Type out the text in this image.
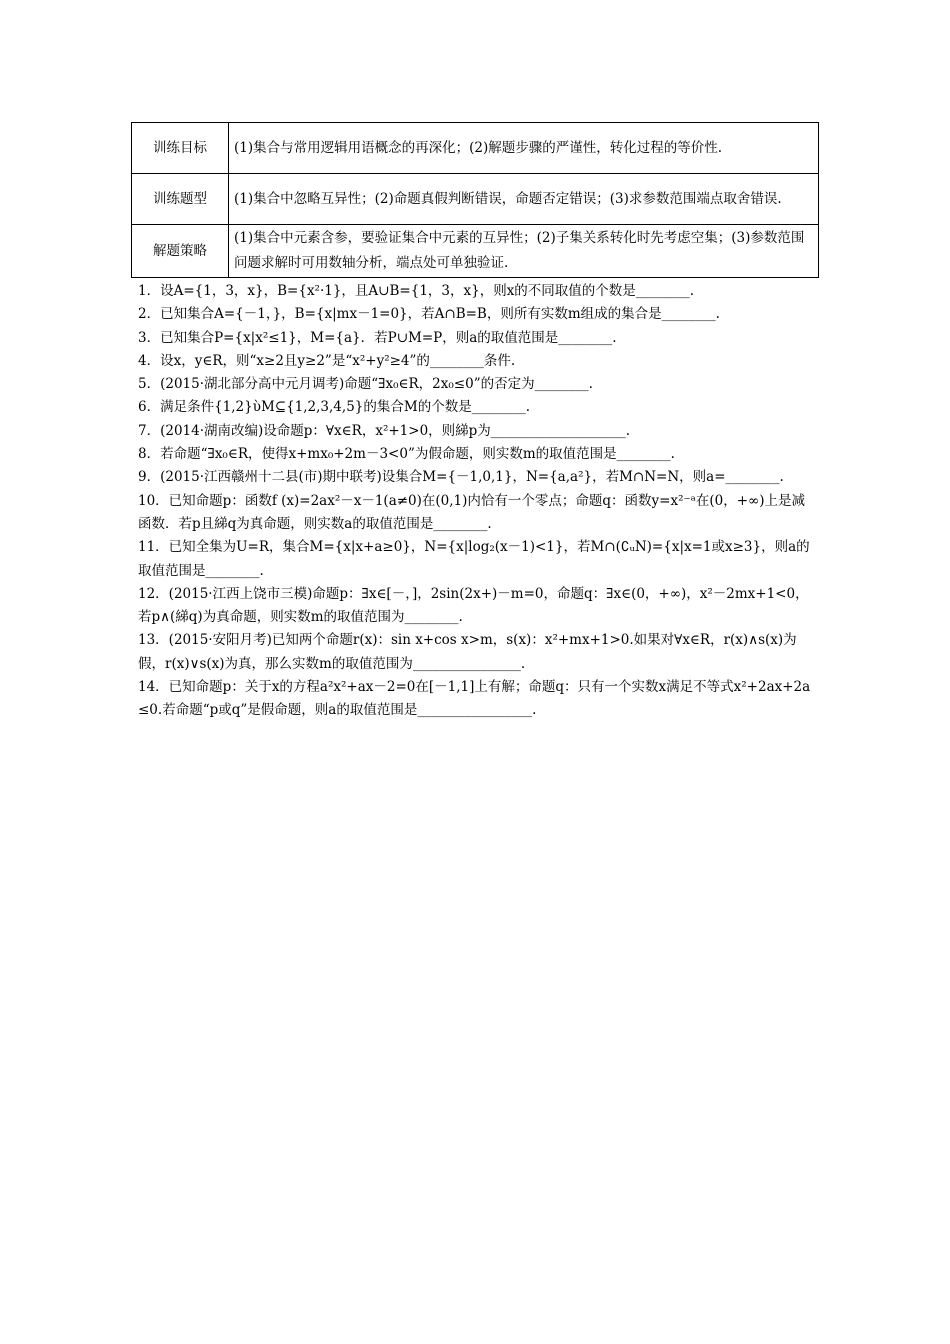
训练目标	(1)集合与常用逻辑用语概念的再深化；(2)解题步骤的严谨性，转化过程的等价性.
训练题型	(1)集合中忽略互异性；(2)命题真假判断错误，命题否定错误；(3)求参数范围端点取舍错误.
解题策略	(1)集合中元素含参，要验证集合中元素的互异性；(2)子集关系转化时先考虑空集；(3)参数范围问题求解时可用数轴分析，端点处可单独验证.

1．设A={1，3，x}，B={x²·1}，且A∪B={1，3，x}，则x的不同取值的个数是________.

2．已知集合A={－1，}，B={x|mx－1=0}，若A∩B=B，则所有实数m组成的集合是________.

3．已知集合P={x|x²≤1}，M={a}．若P∪M=P，则a的取值范围是________.

4．设x，y∈R，则“x≥2且y≥2”是“x²+y²≥4”的________条件.

5．(2015·湖北部分高中元月调考)命题“∃x₀∈R，2x₀≤0”的否定为________.

6．满足条件{1,2}ὺM⊆{1,2,3,4,5}的集合M的个数是________.

7．(2014·湖南改编)设命题p：∀x∈R，x²+1>0，则綈p为____________________.

8．若命题“∃x₀∈R，使得x+mx₀+2m－3<0”为假命题，则实数m的取值范围是________.

9．(2015·江西赣州十二县(市)期中联考)设集合M={－1,0,1}，N={a,a²}，若M∩N=N，则a=________.

10．已知命题p：函数f (x)=2ax²－x－1(a≠0)在(0,1)内恰有一个零点；命题q：函数y=x²⁻ᵃ在(0，+∞)上是减函数．若p且綈q为真命题，则实数a的取值范围是________.

11．已知全集为U=R，集合M={x|x+a≥0}，N={x|log₂(x－1)<1}，若M∩(∁ᵤN)={x|x=1或x≥3}，则a的取值范围是________.

12．(2015·江西上饶市三模)命题p：∃x∈[－，]，2sin(2x+)－m=0，命题q：∃x∈(0，+∞)，x²－2mx+1<0，若p∧(綈q)为真命题，则实数m的取值范围为________.

13．(2015·安阳月考)已知两个命题r(x)：sin x+cos x>m，s(x)：x²+mx+1>0.如果对∀x∈R，r(x)∧s(x)为假，r(x)∨s(x)为真，那么实数m的取值范围为________________.

14．已知命题p：关于x的方程a²x²+ax－2=0在[－1,1]上有解；命题q：只有一个实数x满足不等式x²+2ax+2a≤0.若命题“p或q”是假命题，则a的取值范围是_________________.
